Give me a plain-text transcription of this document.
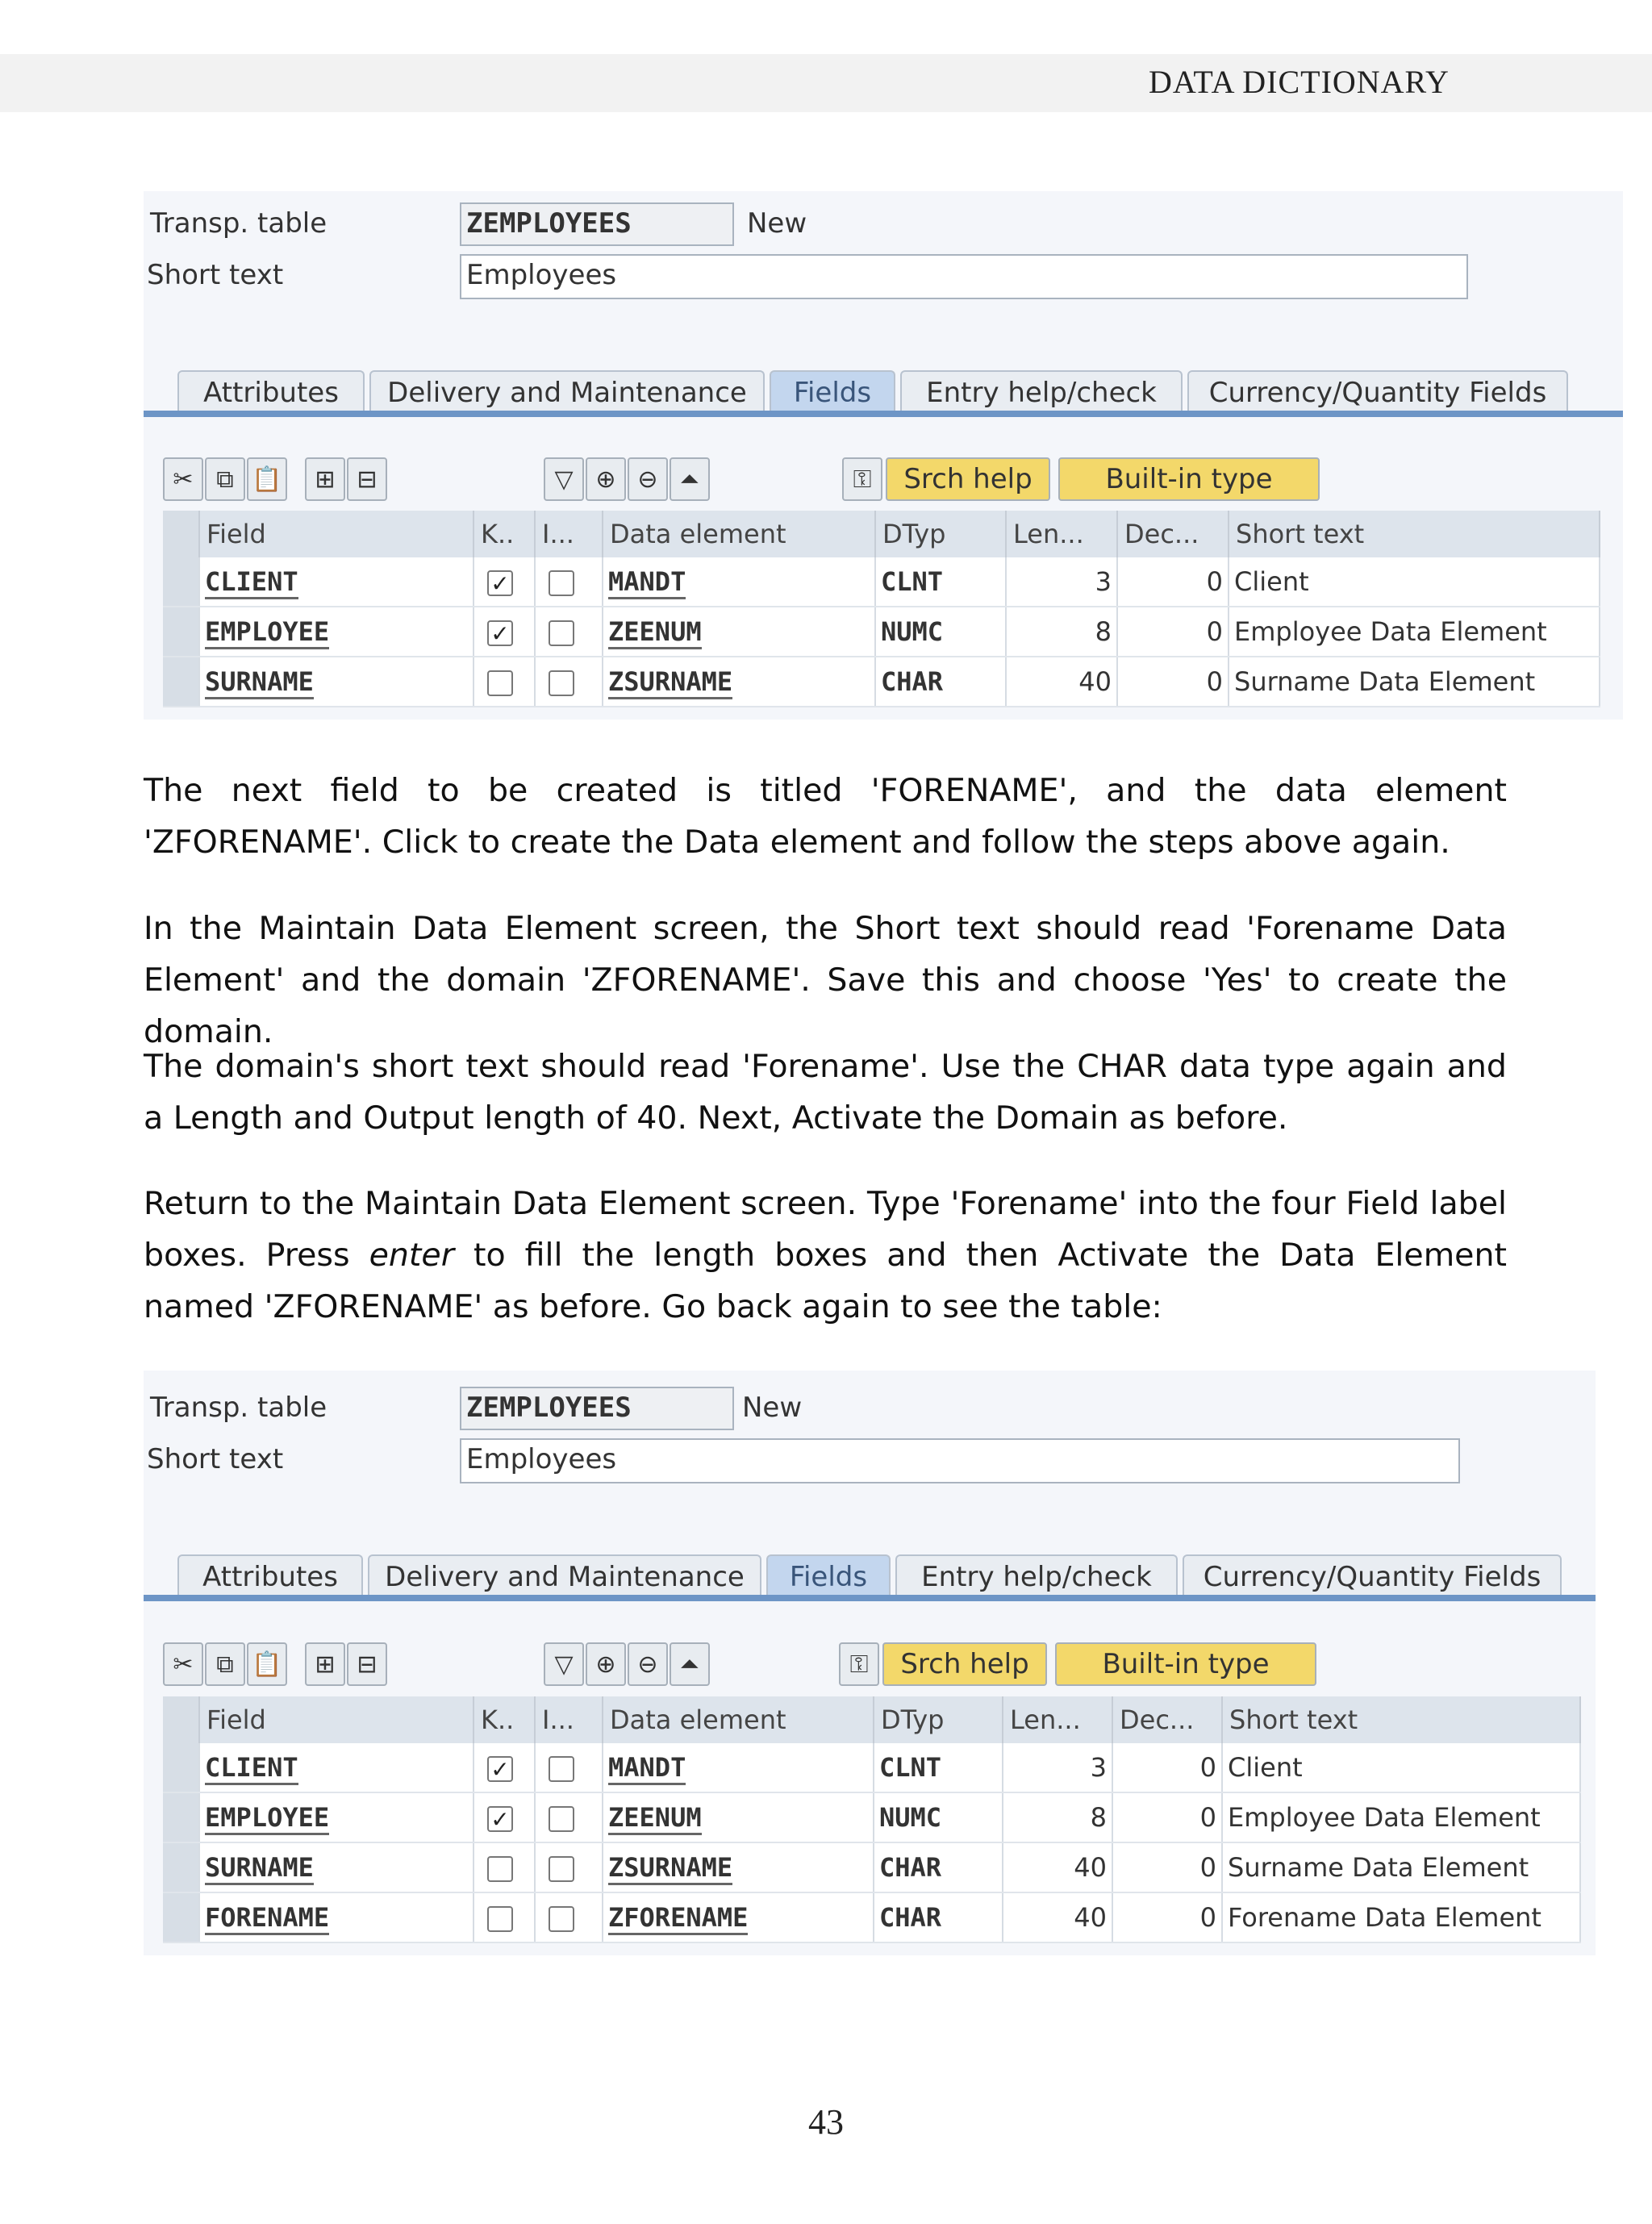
DATA DICTIONARY
Transp. table	ZEMPLOYEES	New
Short text	Employees
Attributes	Delivery and Maintenance	Fields	Entry help/check	Currency/Quantity Fields
✂ ⧉ 📋	⊞ ⊟	▽ ⊕ ⊖ ⏶	⚿	Srch help	Built-in type
	Field	K..	I...	Data element	DTyp	Len...	Dec...	Short text
	CLIENT	✓		MANDT	CLNT	3	0	Client
	EMPLOYEE	✓		ZEENUM	NUMC	8	0	Employee Data Element
	SURNAME			ZSURNAME	CHAR	40	0	Surname Data Element

The next field to be created is titled 'FORENAME', and the data element 'ZFORENAME'. Click to create the Data element and follow the steps above again.

In the Maintain Data Element screen, the Short text should read 'Forename Data Element' and the domain 'ZFORENAME'. Save this and choose 'Yes' to create the domain.

The domain's short text should read 'Forename'. Use the CHAR data type again and a Length and Output length of 40. Next, Activate the Domain as before.

Return to the Maintain Data Element screen. Type 'Forename' into the four Field label boxes. Press enter to fill the length boxes and then Activate the Data Element named 'ZFORENAME' as before. Go back again to see the table:

Transp. table	ZEMPLOYEES	New
Short text	Employees
Attributes	Delivery and Maintenance	Fields	Entry help/check	Currency/Quantity Fields
✂ ⧉ 📋	⊞ ⊟	▽ ⊕ ⊖ ⏶	⚿	Srch help	Built-in type
	Field	K..	I...	Data element	DTyp	Len...	Dec...	Short text
	CLIENT	✓		MANDT	CLNT	3	0	Client
	EMPLOYEE	✓		ZEENUM	NUMC	8	0	Employee Data Element
	SURNAME			ZSURNAME	CHAR	40	0	Surname Data Element
	FORENAME			ZFORENAME	CHAR	40	0	Forename Data Element
43
